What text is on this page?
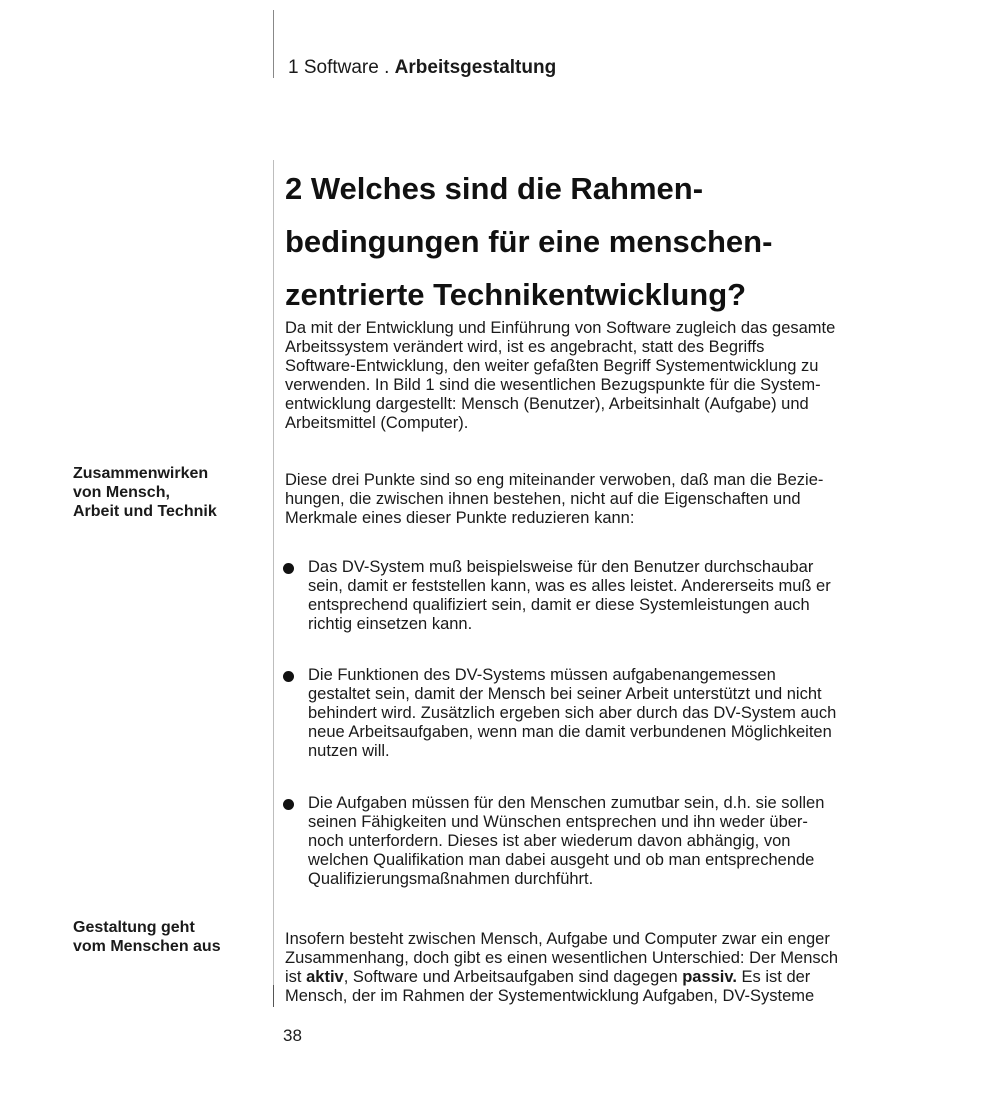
1 Software . Arbeitsgestaltung
2 Welches sind die Rahmen-
bedingungen für eine menschen-
zentrierte Technikentwicklung?

Da mit der Entwicklung und Einführung von Software zugleich das gesamte
Arbeitssystem verändert wird, ist es angebracht, statt des Begriffs
Software-Entwicklung, den weiter gefaßten Begriff Systementwicklung zu
verwenden. In Bild 1 sind die wesentlichen Bezugspunkte für die System-
entwicklung dargestellt: Mensch (Benutzer), Arbeitsinhalt (Aufgabe) und
Arbeitsmittel (Computer).

Zusammenwirken
von Mensch,
Arbeit und Technik

Diese drei Punkte sind so eng miteinander verwoben, daß man die Bezie-
hungen, die zwischen ihnen bestehen, nicht auf die Eigenschaften und
Merkmale eines dieser Punkte reduzieren kann:

Das DV-System muß beispielsweise für den Benutzer durchschaubar
sein, damit er feststellen kann, was es alles leistet. Andererseits muß er
entsprechend qualifiziert sein, damit er diese Systemleistungen auch
richtig einsetzen kann.

Die Funktionen des DV-Systems müssen aufgabenangemessen
gestaltet sein, damit der Mensch bei seiner Arbeit unterstützt und nicht
behindert wird. Zusätzlich ergeben sich aber durch das DV-System auch
neue Arbeitsaufgaben, wenn man die damit verbundenen Möglichkeiten
nutzen will.

Die Aufgaben müssen für den Menschen zumutbar sein, d.h. sie sollen
seinen Fähigkeiten und Wünschen entsprechen und ihn weder über-
noch unterfordern. Dieses ist aber wiederum davon abhängig, von
welchen Qualifikation man dabei ausgeht und ob man entsprechende
Qualifizierungsmaßnahmen durchführt.

Gestaltung geht
vom Menschen aus	Insofern besteht zwischen Mensch, Aufgabe und Computer zwar ein enger
Zusammenhang, doch gibt es einen wesentlichen Unterschied: Der Mensch
ist aktiv, Software und Arbeitsaufgaben sind dagegen passiv. Es ist der
Mensch, der im Rahmen der Systementwicklung Aufgaben, DV-Systeme

38
